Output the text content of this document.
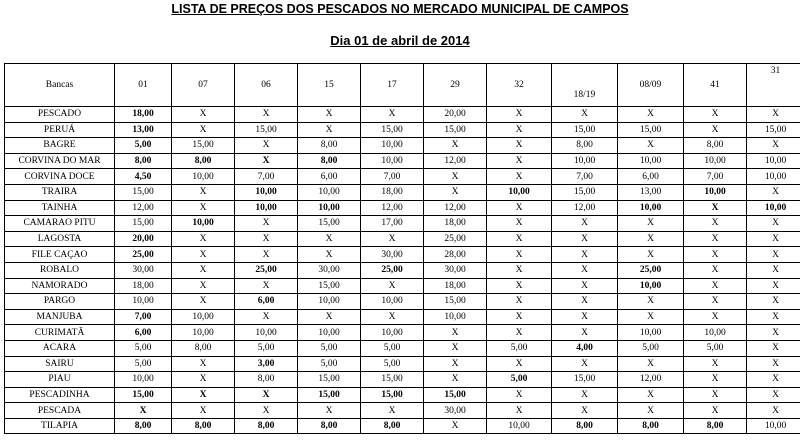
LISTA DE PREÇOS DOS PESCADOS NO MERCADO MUNICIPAL DE CAMPOS
Dia 01 de abril de 2014
Bancas	01	07	06	15	17	29	32	18/19	08/09	41	31
PESCADO	18,00	X	X	X	X	20,00	X	X	X	X	X
PERUÁ	13,00	X	15,00	X	15,00	15,00	X	15,00	15,00	X	15,00
BAGRE	5,00	15,00	X	8,00	10,00	X	X	8,00	X	8,00	X
CORVINA DO MAR	8,00	8,00	X	8,00	10,00	12,00	X	10,00	10,00	10,00	10,00
CORVINA DOCE	4,50	10,00	7,00	6,00	7,00	X	X	7,00	6,00	7,00	10,00
TRAIRA	15,00	X	10,00	10,00	18,00	X	10,00	15,00	13,00	10,00	X
TAINHA	12,00	X	10,00	10,00	12,00	12,00	X	12,00	10,00	X	10,00
CAMARAO PITU	15,00	10,00	X	15,00	17,00	18,00	X	X	X	X	X
LAGOSTA	20,00	X	X	X	X	25,00	X	X	X	X	X
FILE CAÇAO	25,00	X	X	X	30,00	28,00	X	X	X	X	X
ROBALO	30,00	X	25,00	30,00	25,00	30,00	X	X	25,00	X	X
NAMORADO	18,00	X	X	15,00	X	18,00	X	X	10,00	X	X
PARGO	10,00	X	6,00	10,00	10,00	15,00	X	X	X	X	X
MANJUBA	7,00	10,00	X	X	X	10,00	X	X	X	X	X
CURIMATÃ	6,00	10,00	10,00	10,00	10,00	X	X	X	10,00	10,00	X
ACARA	5,00	8,00	5,00	5,00	5,00	X	5,00	4,00	5,00	5,00	X
SAIRU	5,00	X	3,00	5,00	5,00	X	X	X	X	X	X
PIAU	10,00	X	8,00	15,00	15,00	X	5,00	15,00	12,00	X	X
PESCADINHA	15,00	X	X	15,00	15,00	15,00	X	X	X	X	X
PESCADA	X	X	X	X	X	30,00	X	X	X	X	X
TILAPIA	8,00	8,00	8,00	8,00	8,00	X	10,00	8,00	8,00	8,00	10,00
